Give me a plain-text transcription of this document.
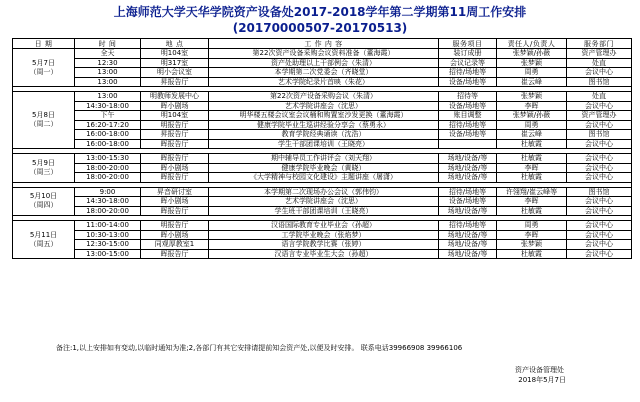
上海师范大学天华学院资产设备处2017-2018学年第二学期第11周工作安排
(20170000507-20170513)
日 期	时 间	地 点	工 作 内 容	服务项目	责任人/负责人	服务部门

5月7日
（周一）	全天	明104室	第22次资产设备采购会议资料准备（董海霞）	装订成册	张梦颖/孙薇	资产管理办
	12:30	明317室	资产处助理以上干部例会（朱清）	会议记录等	张梦颖	处直
	13:00	明小会议室	本学期第二次党委会（齐晓堂）	招待/场地等	周勇	会议中心
	13:00	昇报告厅	艺术学院纪录片首映（朱花）	设备/场地等	崔云峰	图书馆

5月8日
（周二）	13:00	明教师发展中心	第22次资产设备采购会议（朱清）	招待等	张梦颖	处直
	14:30-18:00	晖小剧场	艺术学院讲座会（沈思）	设备/场地等	李晖	会议中心
	下午	明104室	明华楼五楼会议室会议桶和购置室沙发更换（董海霞）	账目调整	张梦颖/孙薇	资产管理办
	16:20-17:20	明报告厅	健康学院毕业生巡讲经验分享会（蔡勇永）	招待/场地等	周勇	会议中心
	16:00-18:00	昇报告厅	教育学院经典诵读（沈浩）	设备/场地等	崔云峰	图书馆
	16:00-18:00	晖报告厅	学生干部团课培训（王晓亮）		杜敏霞	会议中心

5月9日
（周三）	13:00-15:30	晖报告厅	期中辅导员工作讲评会（刘天翔）	场地/设备/等	杜敏霞	会议中心
	18:00-20:00	晖小剧场	健康学院毕业晚会（黄晓）	场地/设备/等	李晖	会议中心
	18:00-20:00	晖报告厅	《大学精神与校园文化建设》主题讲座（屠潇）	场地/设备/等	杜敏霞	会议中心

5月10日
（周四）	9:00	昇音研讨室	本学期第二次现场办公会议（郭伟钧）	招待/场地等	许翎翔/崔云峰等	图书馆
	14:30-18:00	晖小剧场	艺术学院讲座会（沈思）	设备/场地等	李晖	会议中心
	18:00-20:00	晖报告厅	学生班干部团课培训（王晓亮）	场地/设备/等	杜敏霞	会议中心

5月11日
（周五）	11:00-14:00	明报告厅	汉语国际教育专业毕业会（孙超）	招待/场地等	周勇	会议中心
	10:30-13:00	晖小剧场	工学院毕业晚会（张焰梦）	场地/设备/等	李晖	会议中心
	12:30-15:00	同观厚教室1	语言学院教学比赛（张婷）	场地/设备/等	张梦颖	会议中心
	13:00-15:00	晖报告厅	汉语言专业毕业生大会（孙超）	场地/设备/等	杜敏霞	会议中心
备注:1,以上安排如有变动,以临时通知为准;2,各部门有其它安排请提前知会资产处,以便及时安排。 联系电话39966908 39966106
资产设备管理处
2018年5月7日
